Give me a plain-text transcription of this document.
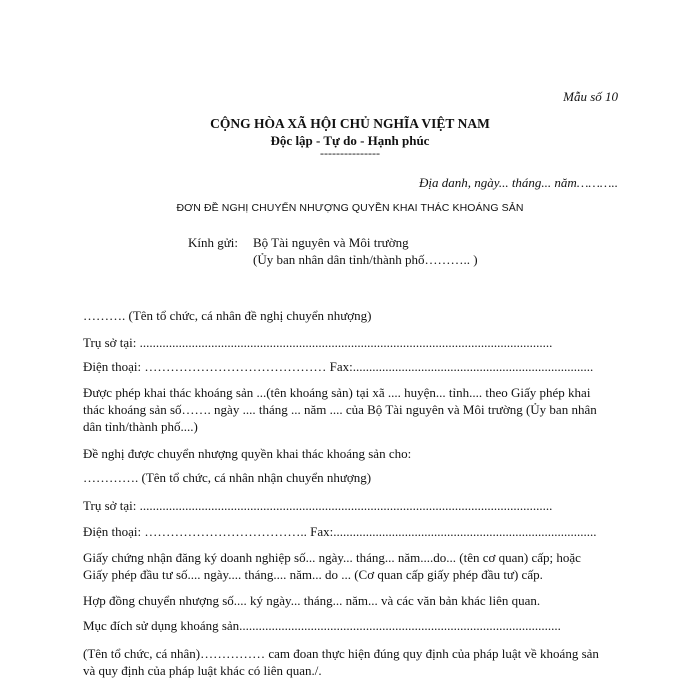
Mẫu số 10
CỘNG HÒA XÃ HỘI CHỦ NGHĨA VIỆT NAM
Độc lập - Tự do - Hạnh phúc
---------------
Địa danh, ngày... tháng... năm………..
ĐƠN ĐỀ NGHỊ CHUYỂN NHƯỢNG QUYỀN KHAI THÁC KHOÁNG SẢN
Kính gửi: Bộ Tài nguyên và Môi trường
(Ủy ban nhân dân tỉnh/thành phố……….. )
………. (Tên tổ chức, cá nhân đề nghị chuyển nhượng)
Trụ sở tại: ...............................................................................................................................
Điện thoại: …………………………………… Fax:..........................................................................
Được phép khai thác khoáng sản ...(tên khoáng sản) tại xã .... huyện... tỉnh.... theo Giấy phép khai thác khoáng sản số……. ngày .... tháng ... năm .... của Bộ Tài nguyên và Môi trường (Ủy ban nhân dân tỉnh/thành phố....)
Đề nghị được chuyển nhượng quyền khai thác khoáng sản cho:
…………. (Tên tổ chức, cá nhân nhận chuyển nhượng)
Trụ sở tại: ...............................................................................................................................
Điện thoại: ……………………………….. Fax:.................................................................................
Giấy chứng nhận đăng ký doanh nghiệp số... ngày... tháng... năm....do... (tên cơ quan) cấp; hoặc Giấy phép đầu tư số.... ngày.... tháng.... năm... do ... (Cơ quan cấp giấy phép đầu tư) cấp.
Hợp đồng chuyển nhượng số.... ký ngày... tháng... năm... và các văn bản khác liên quan.
Mục đích sử dụng khoáng sản...................................................................................................
(Tên tổ chức, cá nhân)…………… cam đoan thực hiện đúng quy định của pháp luật về khoáng sản và quy định của pháp luật khác có liên quan./.
